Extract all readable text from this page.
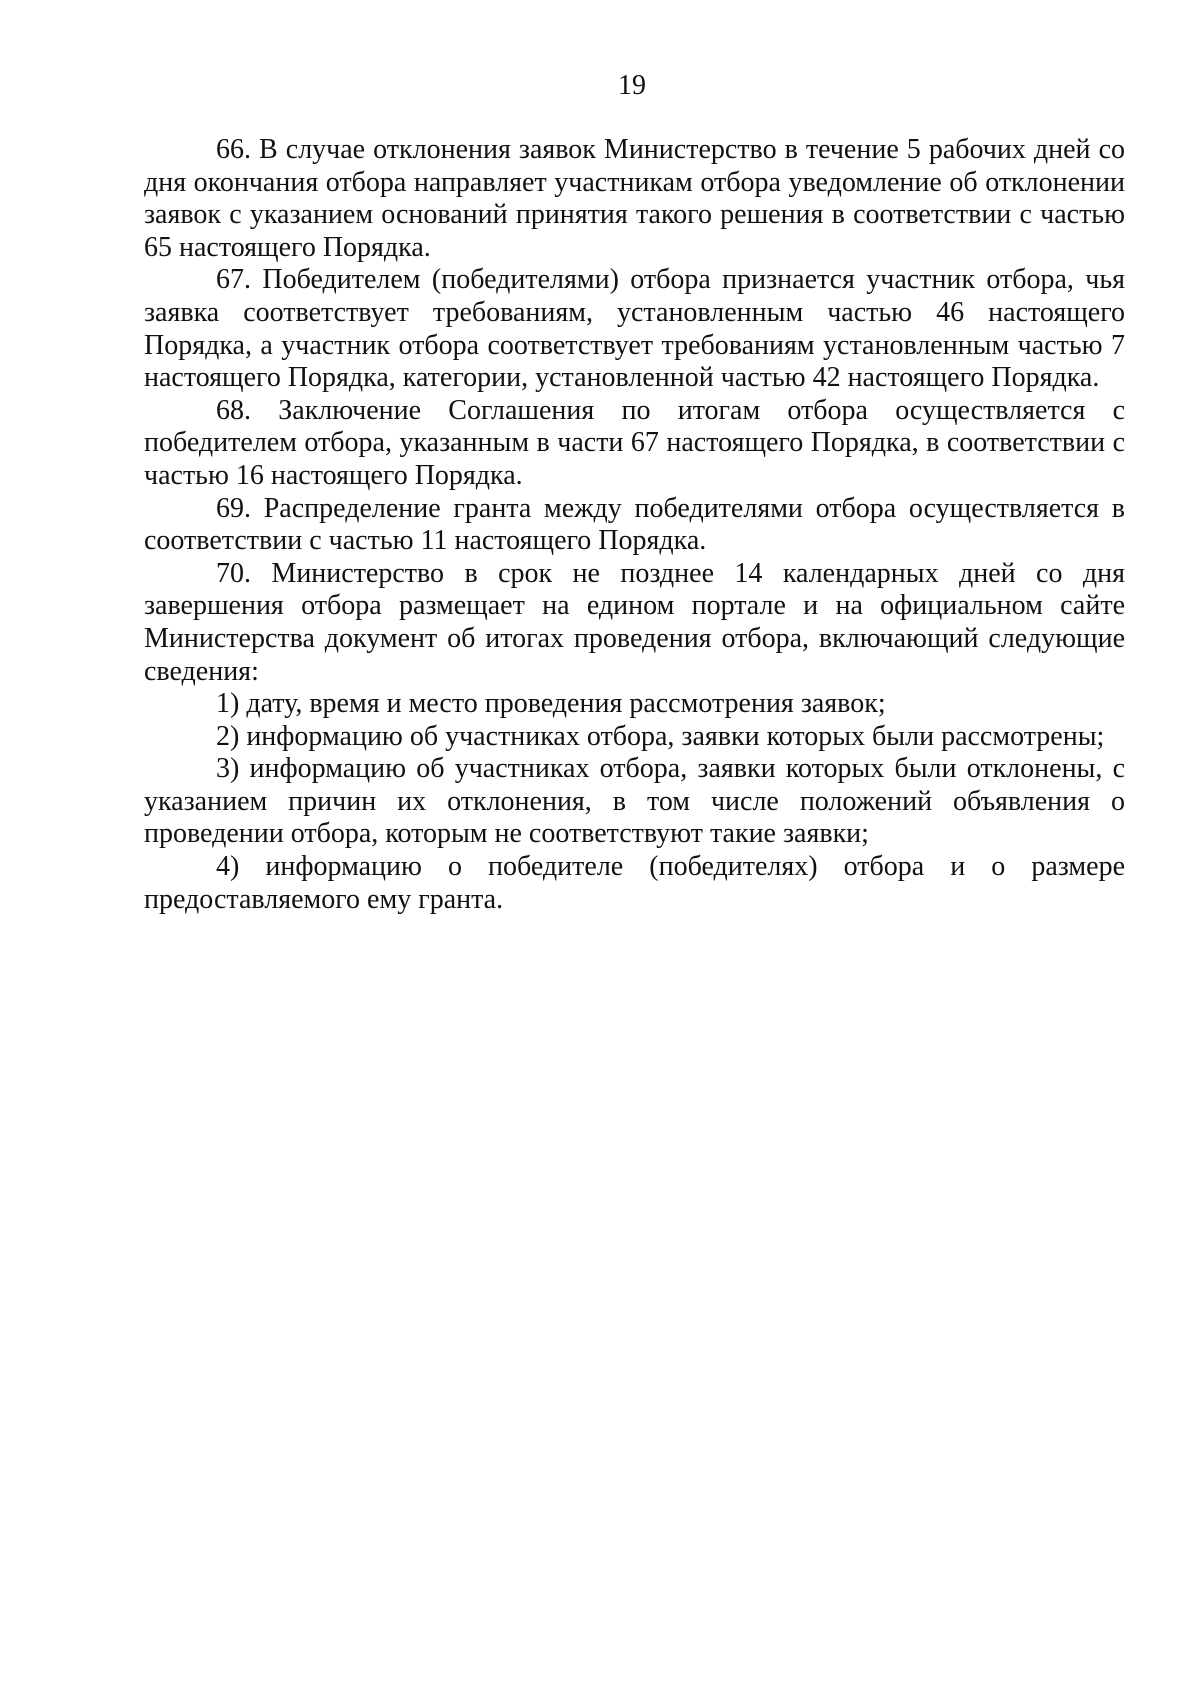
19

66. В случае отклонения заявок Министерство в течение 5 рабочих дней со дня окончания отбора направляет участникам отбора уведомление об отклонении заявок с указанием оснований принятия такого решения в соответствии с частью 65 настоящего Порядка.

67. Победителем (победителями) отбора признается участник отбора, чья заявка соответствует требованиям, установленным частью 46 настоящего Порядка, а участник отбора соответствует требованиям установленным частью 7 настоящего Порядка, категории, установленной частью 42 настоящего Порядка.

68. Заключение Соглашения по итогам отбора осуществляется с победителем отбора, указанным в части 67 настоящего Порядка, в соответствии с частью 16 настоящего Порядка.

69. Распределение гранта между победителями отбора осуществляется в соответствии с частью 11 настоящего Порядка.

70. Министерство в срок не позднее 14 календарных дней со дня завершения отбора размещает на едином портале и на официальном сайте Министерства документ об итогах проведения отбора, включающий следующие сведения:

1) дату, время и место проведения рассмотрения заявок;

2) информацию об участниках отбора, заявки которых были рассмотрены;

3) информацию об участниках отбора, заявки которых были отклонены, с указанием причин их отклонения, в том числе положений объявления о проведении отбора, которым не соответствуют такие заявки;

4) информацию о победителе (победителях) отбора и о размере предоставляемого ему гранта.
